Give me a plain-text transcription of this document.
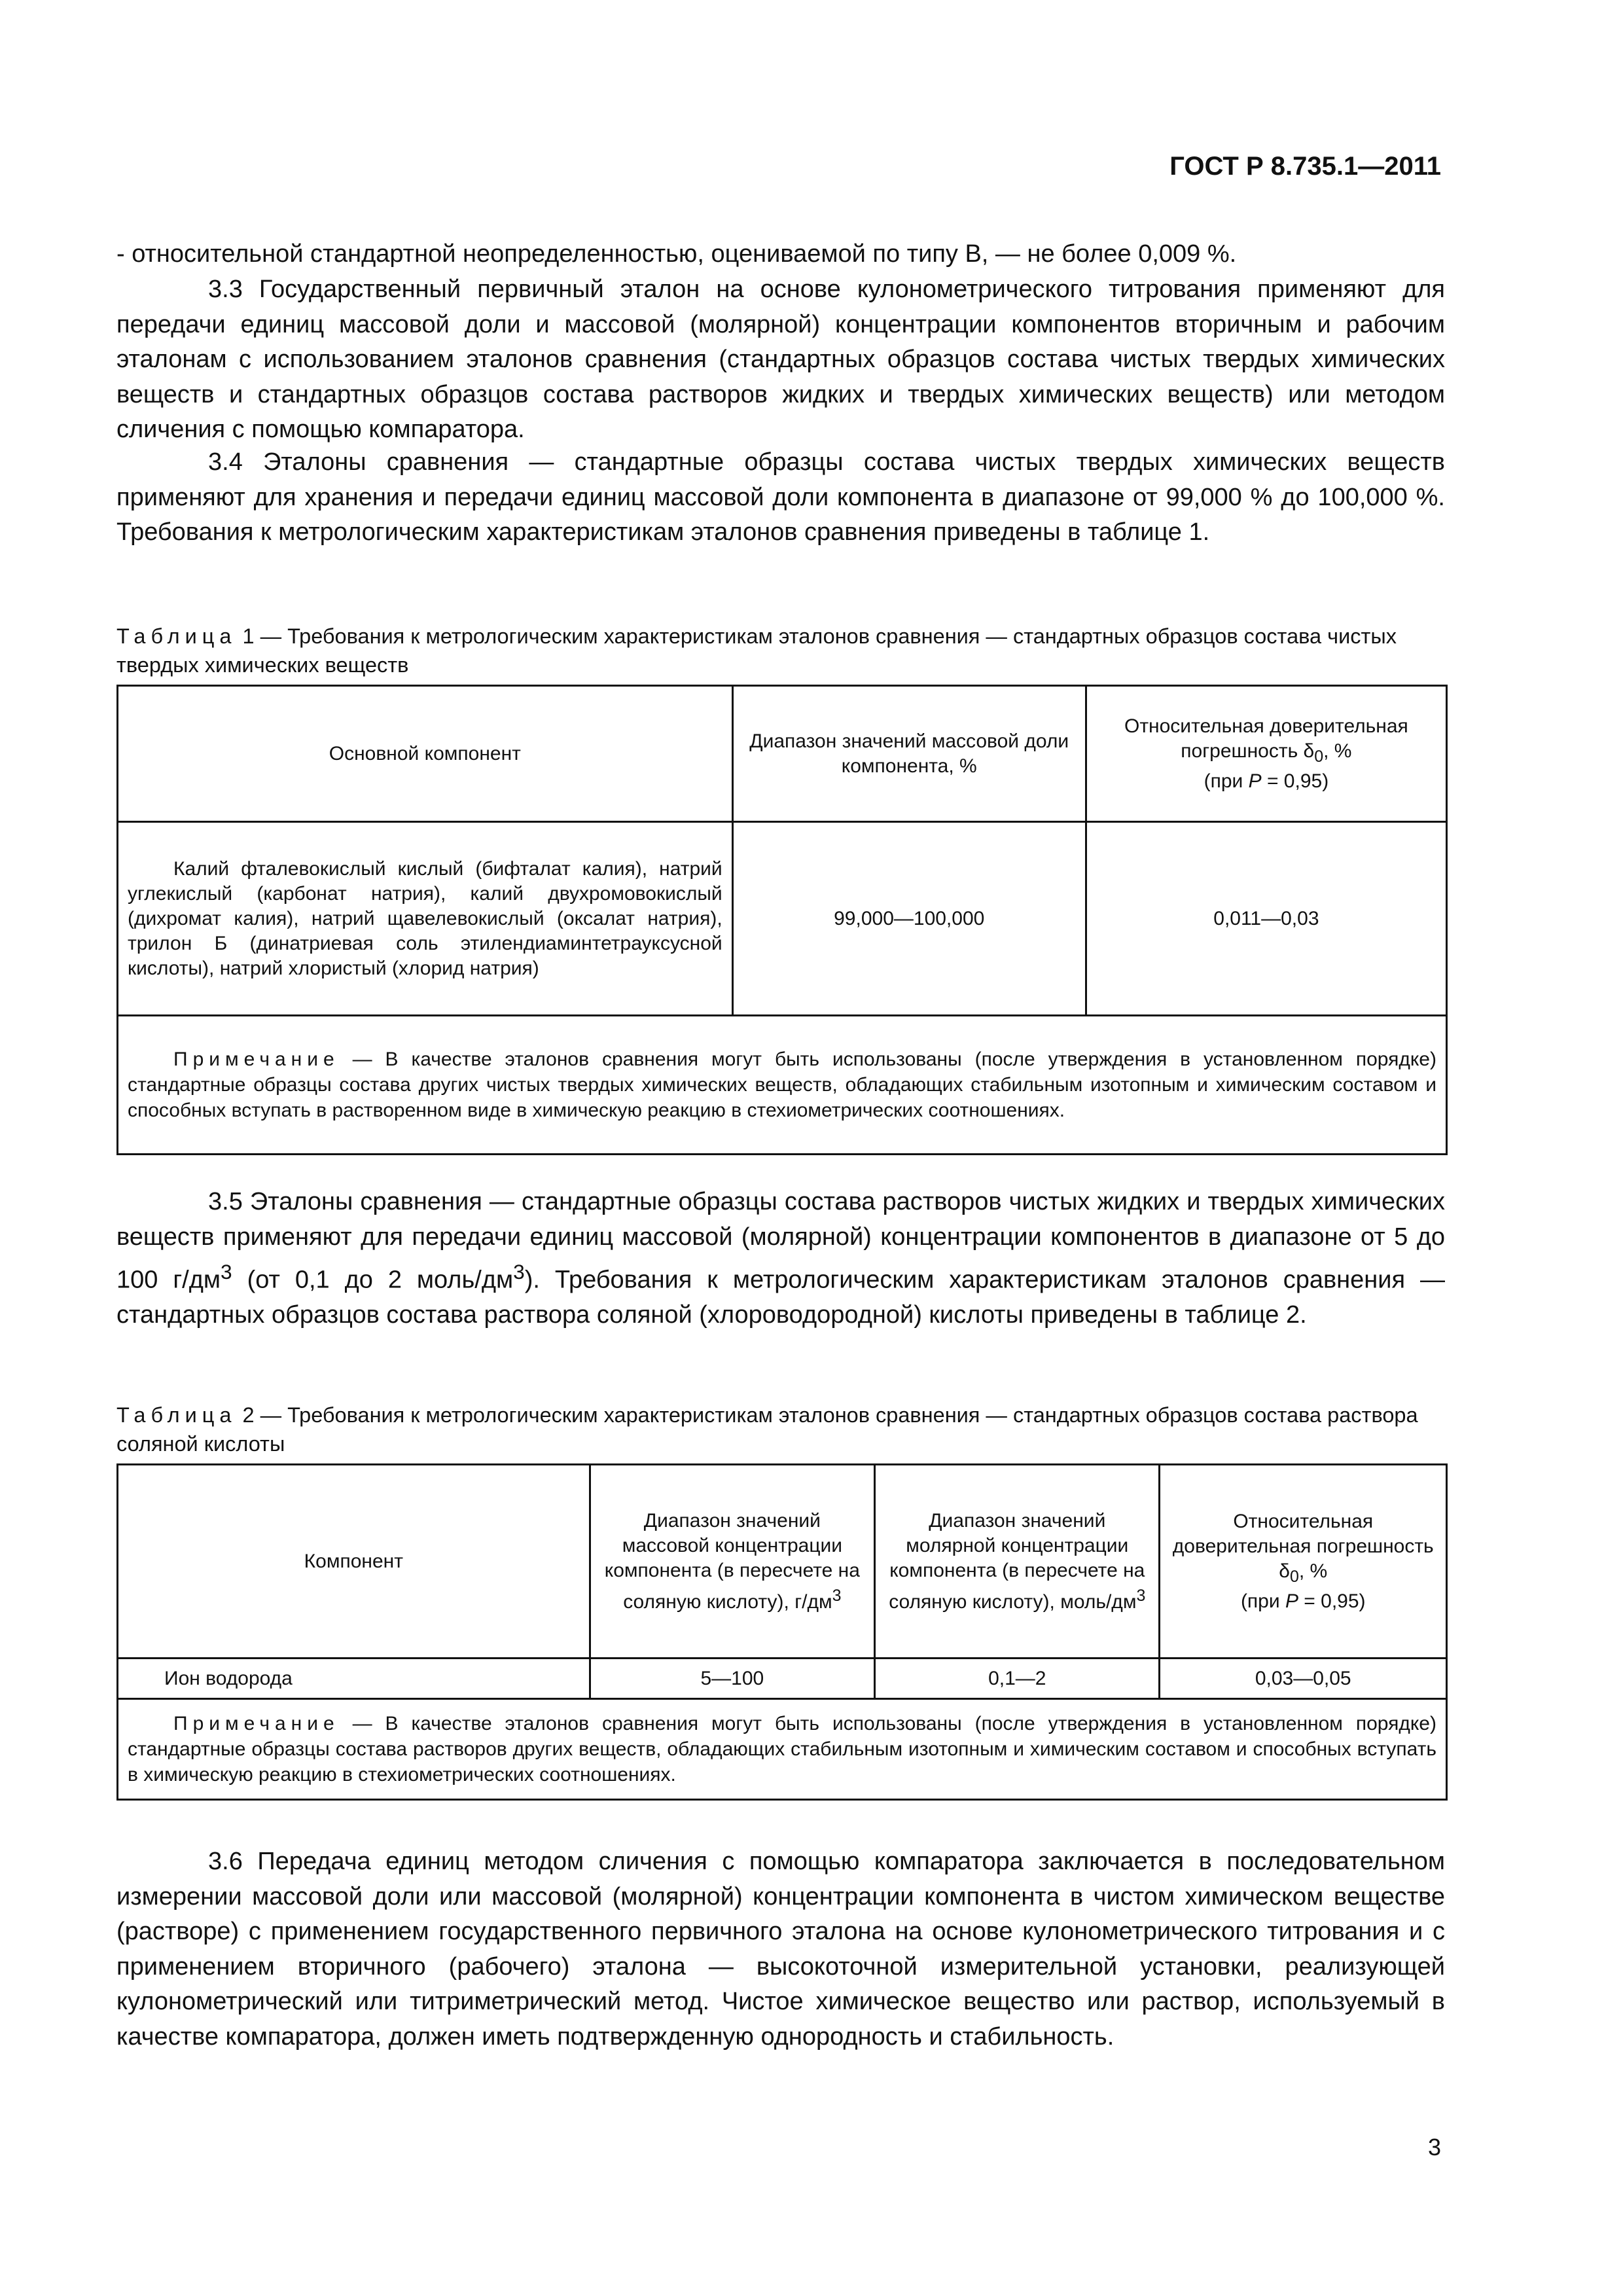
ГОСТ Р 8.735.1—2011

- относительной стандартной неопределенностью, оцениваемой по типу В, — не более 0,009 %.

3.3 Государственный первичный эталон на основе кулонометрического титрования применяют для передачи единиц массовой доли и массовой (молярной) концентрации компонентов вторичным и рабочим эталонам с использованием эталонов сравнения (стандартных образцов состава чистых твердых химических веществ и стандартных образцов состава растворов жидких и твердых химических веществ) или методом сличения с помощью компаратора.

3.4 Эталоны сравнения — стандартные образцы состава чистых твердых химических веществ применяют для хранения и передачи единиц массовой доли компонента в диапазоне от 99,000 % до 100,000 %. Требования к метрологическим характеристикам эталонов сравнения приведены в таблице 1.

Таблица 1 — Требования к метрологическим характеристикам эталонов сравнения — стандартных образцов состава чистых твердых химических веществ

Основной компонент	Диапазон значений массовой доли компонента, %	Относительная доверительная погрешность $\delta_0$, %
(при P = 0,95)
Калий фталевокислый кислый (бифталат калия), натрий углекислый (карбонат натрия), калий двухромовокислый (дихромат калия), натрий щавелевокислый (оксалат натрия), трилон Б (динатриевая соль этилендиаминтетрауксусной кислоты), натрий хлористый (хлорид натрия)	99,000—100,000	0,011—0,03
Примечание — В качестве эталонов сравнения могут быть использованы (после утверждения в установленном порядке) стандартные образцы состава других чистых твердых химических веществ, обладающих стабильным изотопным и химическим составом и способных вступать в растворенном виде в химическую реакцию в стехиометрических соотношениях.		

3.5 Эталоны сравнения — стандартные образцы состава растворов чистых жидких и твердых химических веществ применяют для передачи единиц массовой (молярной) концентрации компонентов в диапазоне от 5 до 100 $г/дм^3$ (от 0,1 до 2 моль/$дм^3$). Требования к метрологическим характеристикам эталонов сравнения — стандартных образцов состава раствора соляной (хлороводородной) кислоты приведены в таблице 2.

Таблица 2 — Требования к метрологическим характеристикам эталонов сравнения — стандартных образцов состава раствора соляной кислоты

Компонент	Диапазон значений массовой концентрации компонента (в пересчете на соляную кислоту), $г/дм^3$	Диапазон значений молярной концентрации компонента (в пересчете на соляную кислоту), моль/$дм^3$	Относительная доверительная погрешность $\delta_0$, %
(при P = 0,95)
Ион водорода	5—100	0,1—2	0,03—0,05
Примечание — В качестве эталонов сравнения могут быть использованы (после утверждения в установленном порядке) стандартные образцы состава растворов других веществ, обладающих стабильным изотопным и химическим составом и способных вступать в химическую реакцию в стехиометрических соотношениях.			

3.6 Передача единиц методом сличения с помощью компаратора заключается в последовательном измерении массовой доли или массовой (молярной) концентрации компонента в чистом химическом веществе (растворе) с применением государственного первичного эталона на основе кулонометрического титрования и с применением вторичного (рабочего) эталона — высокоточной измерительной установки, реализующей кулонометрический или титриметрический метод. Чистое химическое вещество или раствор, используемый в качестве компаратора, должен иметь подтвержденную однородность и стабильность.

3
